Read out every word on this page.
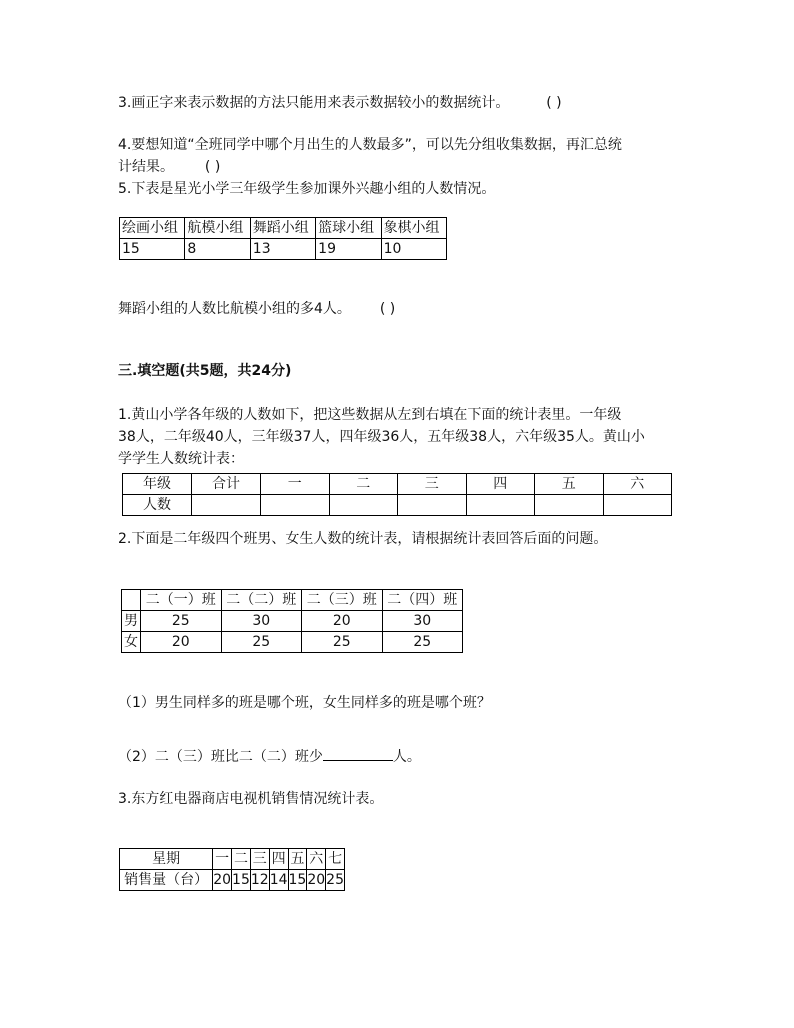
3.画正字来表示数据的方法只能用来表示数据较小的数据统计。	( )
4.要想知道“全班同学中哪个月出生的人数最多”，可以先分组收集数据，再汇总统
计结果。 ( )
5.下表是星光小学三年级学生参加课外兴趣小组的人数情况。
绘画小组	航模小组	舞蹈小组	篮球小组	象棋小组
15	8	13	19	10
舞蹈小组的人数比航模小组的多4人。 ( )
三.填空题(共5题，共24分)
1.黄山小学各年级的人数如下，把这些数据从左到右填在下面的统计表里。一年级
38人，二年级40人，三年级37人，四年级36人，五年级38人，六年级35人。黄山小
学学生人数统计表：
年级	合计	一	二	三	四	五	六
人数							
2.下面是二年级四个班男、女生人数的统计表，请根据统计表回答后面的问题。
	二（一）班	二（二）班	二（三）班	二（四）班
男	25	30	20	30
女	20	25	25	25
（1）男生同样多的班是哪个班，女生同样多的班是哪个班？
（2）二（三）班比二（二）班少	人。
3.东方红电器商店电视机销售情况统计表。
星期	一	二	三	四	五	六	七
销售量（台）	20	15	12	14	15	20	25
